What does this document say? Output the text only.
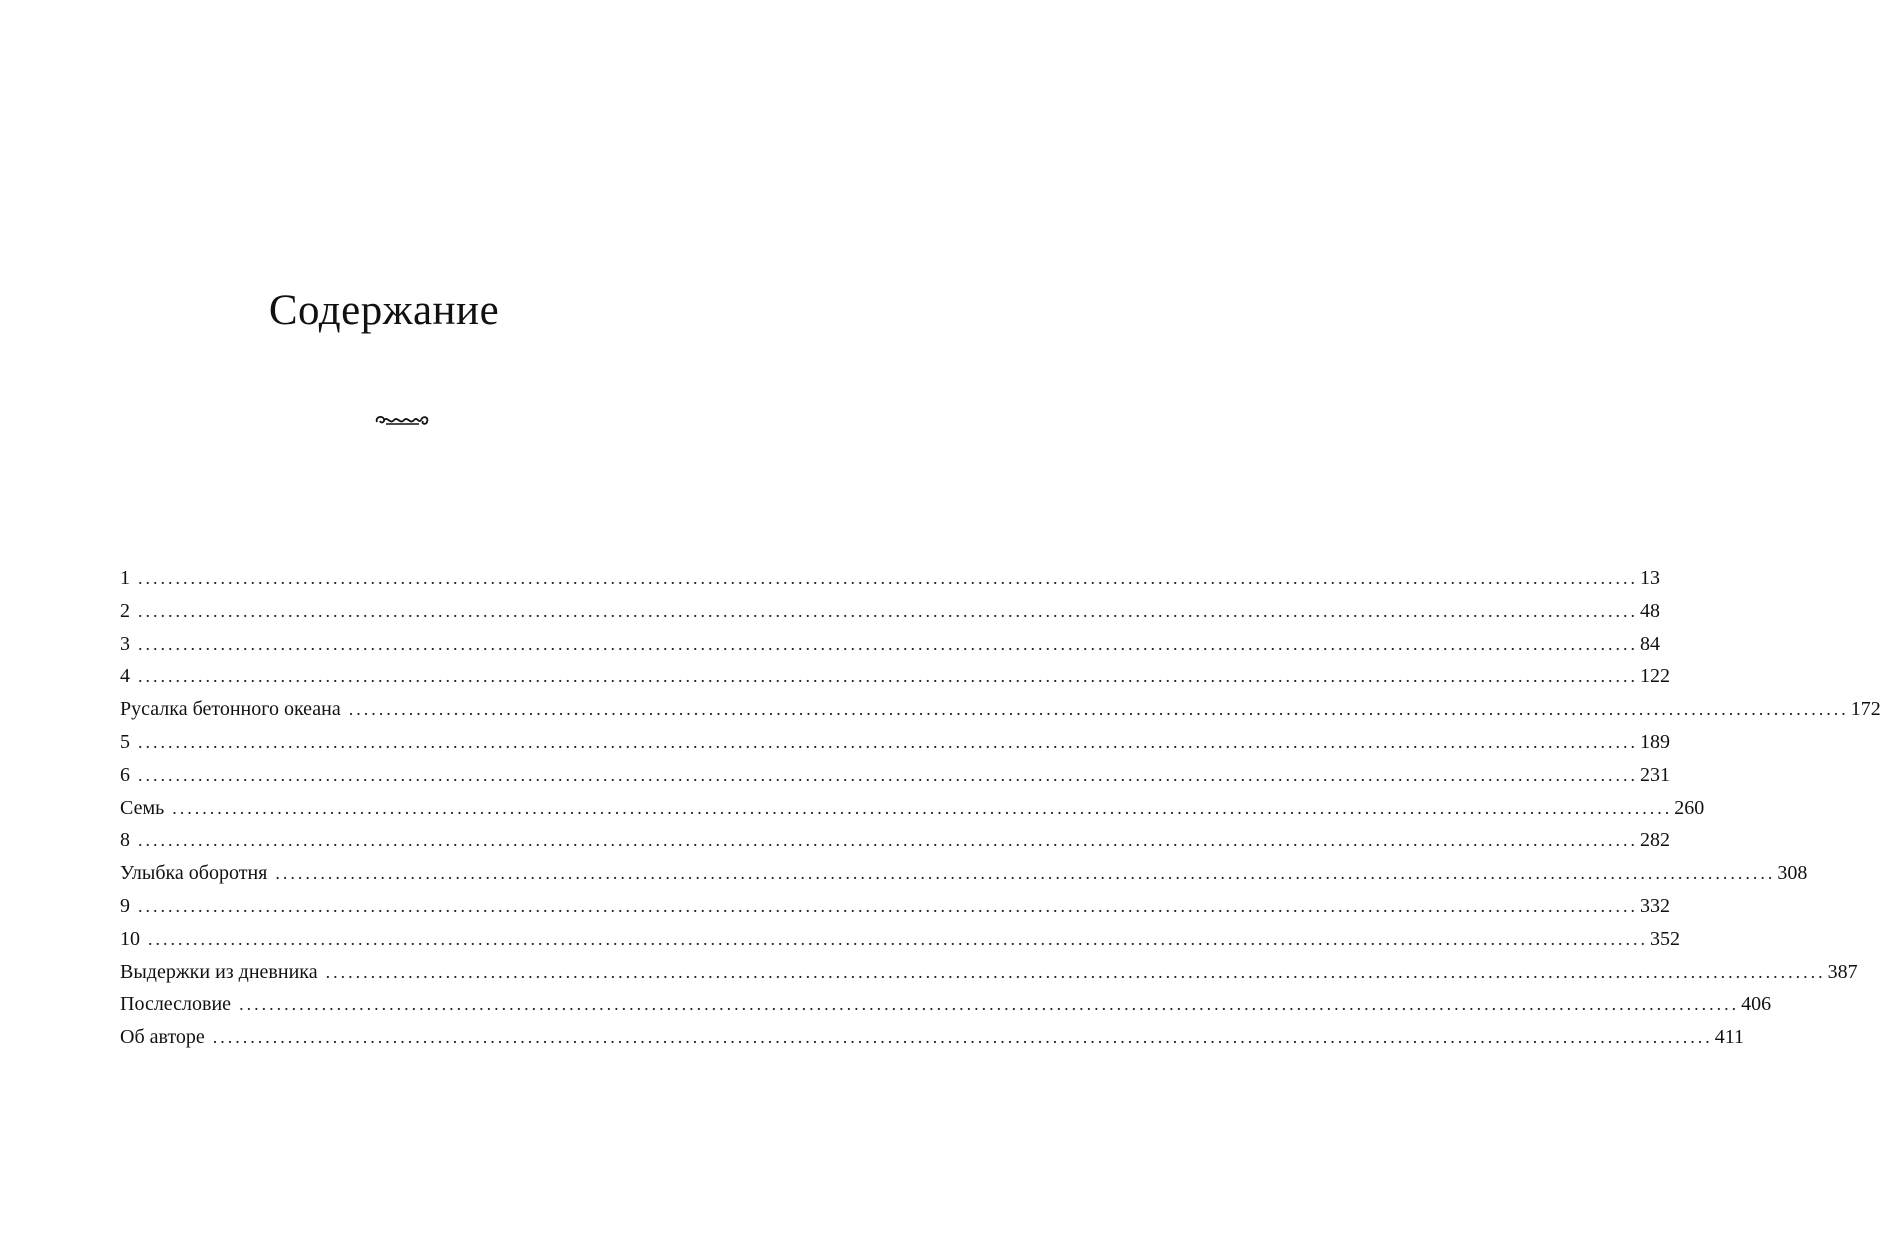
Содержание
1 ........................................................................................................................................................................................................ 13
2 ........................................................................................................................................................................................................ 48
3 ........................................................................................................................................................................................................ 84
4 ........................................................................................................................................................................................................ 122
Русалка бетонного океана ........................................................................................................................................................................................................ 172
5 ........................................................................................................................................................................................................ 189
6 ........................................................................................................................................................................................................ 231
Семь ........................................................................................................................................................................................................ 260
8 ........................................................................................................................................................................................................ 282
Улыбка оборотня ........................................................................................................................................................................................................ 308
9 ........................................................................................................................................................................................................ 332
10 ........................................................................................................................................................................................................ 352
Выдержки из дневника ........................................................................................................................................................................................................ 387
Послесловие ........................................................................................................................................................................................................ 406
Об авторе ........................................................................................................................................................................................................ 411
